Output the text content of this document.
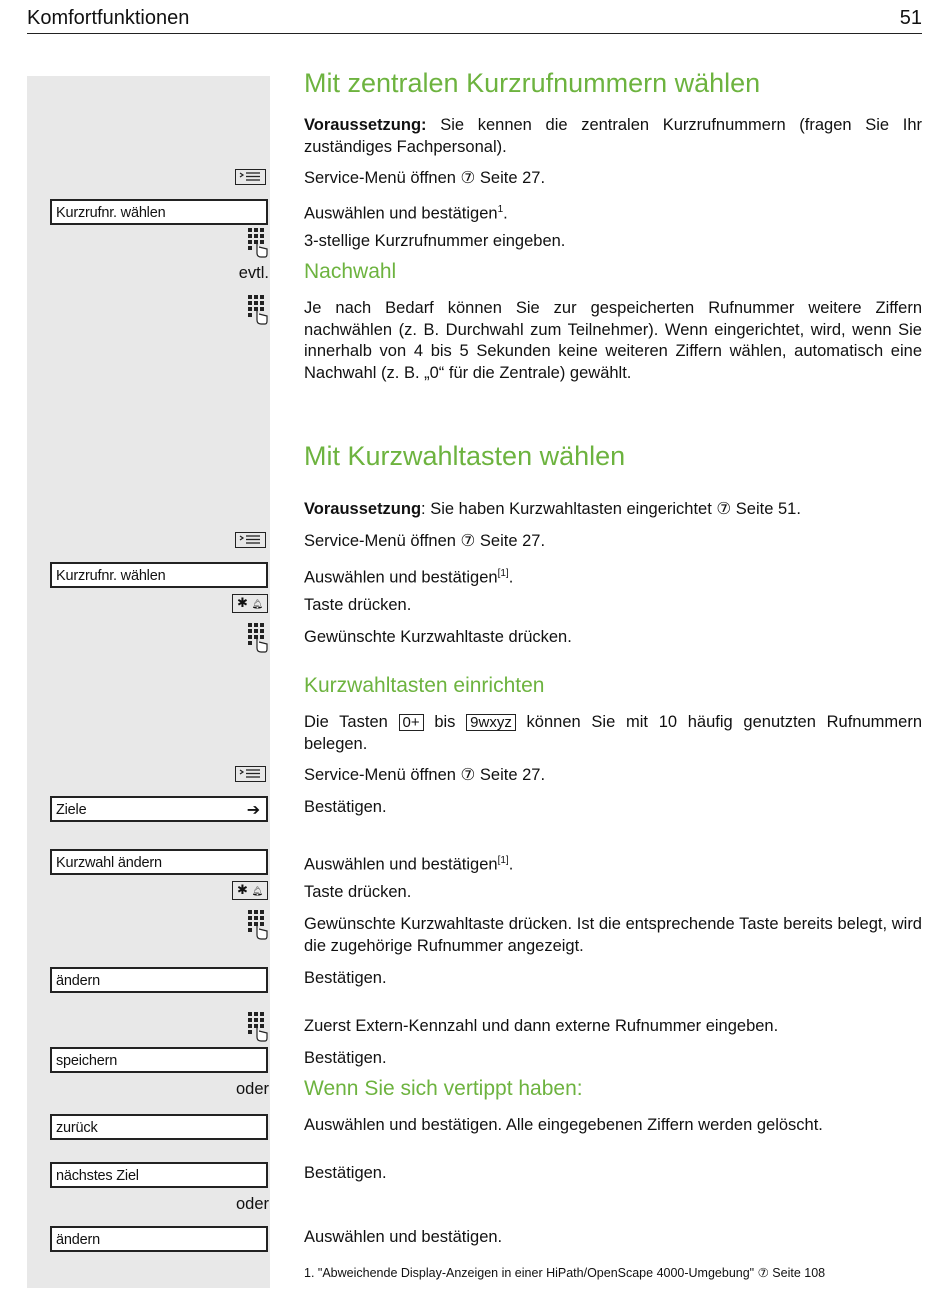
Komfortfunktionen	51
Mit zentralen Kurzrufnummern wählen
Voraussetzung: Sie kennen die zentralen Kurzrufnummern (fragen Sie Ihr zuständiges Fachpersonal).
Service-Menü öffnen ⑦ Seite 27.
Kurzrufnr. wählen	Auswählen und bestätigen$^1$.
3-stellige Kurzrufnummer eingeben.
evtl. Nachwahl
Je nach Bedarf können Sie zur gespeicherten Rufnummer weitere Ziffern nachwählen (z. B. Durchwahl zum Teilnehmer). Wenn eingerichtet, wird, wenn Sie innerhalb von 4 bis 5 Sekunden keine weiteren Ziffern wählen, automatisch eine Nachwahl (z. B. „0“ für die Zentrale) gewählt.
Mit Kurzwahltasten wählen
Voraussetzung: Sie haben Kurzwahltasten eingerichtet ⑦ Seite 51.
Service-Menü öffnen ⑦ Seite 27.
Kurzrufnr. wählen	Auswählen und bestätigen[1].
✱ 🔔︎	Taste drücken.
Gewünschte Kurzwahltaste drücken.
Kurzwahltasten einrichten
Die Tasten 0+ bis 9wxyz können Sie mit 10 häufig genutzten Rufnummern belegen.
Service-Menü öffnen ⑦ Seite 27.
Ziele	➔	Bestätigen.
Kurzwahl ändern	Auswählen und bestätigen[1].
✱ 🔔︎	Taste drücken.
Gewünschte Kurzwahltaste drücken. Ist die entsprechende Taste bereits belegt, wird die zugehörige Rufnummer angezeigt.
ändern	Bestätigen.
Zuerst Extern-Kennzahl und dann externe Rufnummer eingeben.
speichern	Bestätigen.
oder Wenn Sie sich vertippt haben:
zurück	Auswählen und bestätigen. Alle eingegebenen Ziffern werden gelöscht.
nächstes Ziel	Bestätigen.
oder
ändern	Auswählen und bestätigen.
1. "Abweichende Display-Anzeigen in einer HiPath/OpenScape 4000-Umgebung" ⑦ Seite 108
